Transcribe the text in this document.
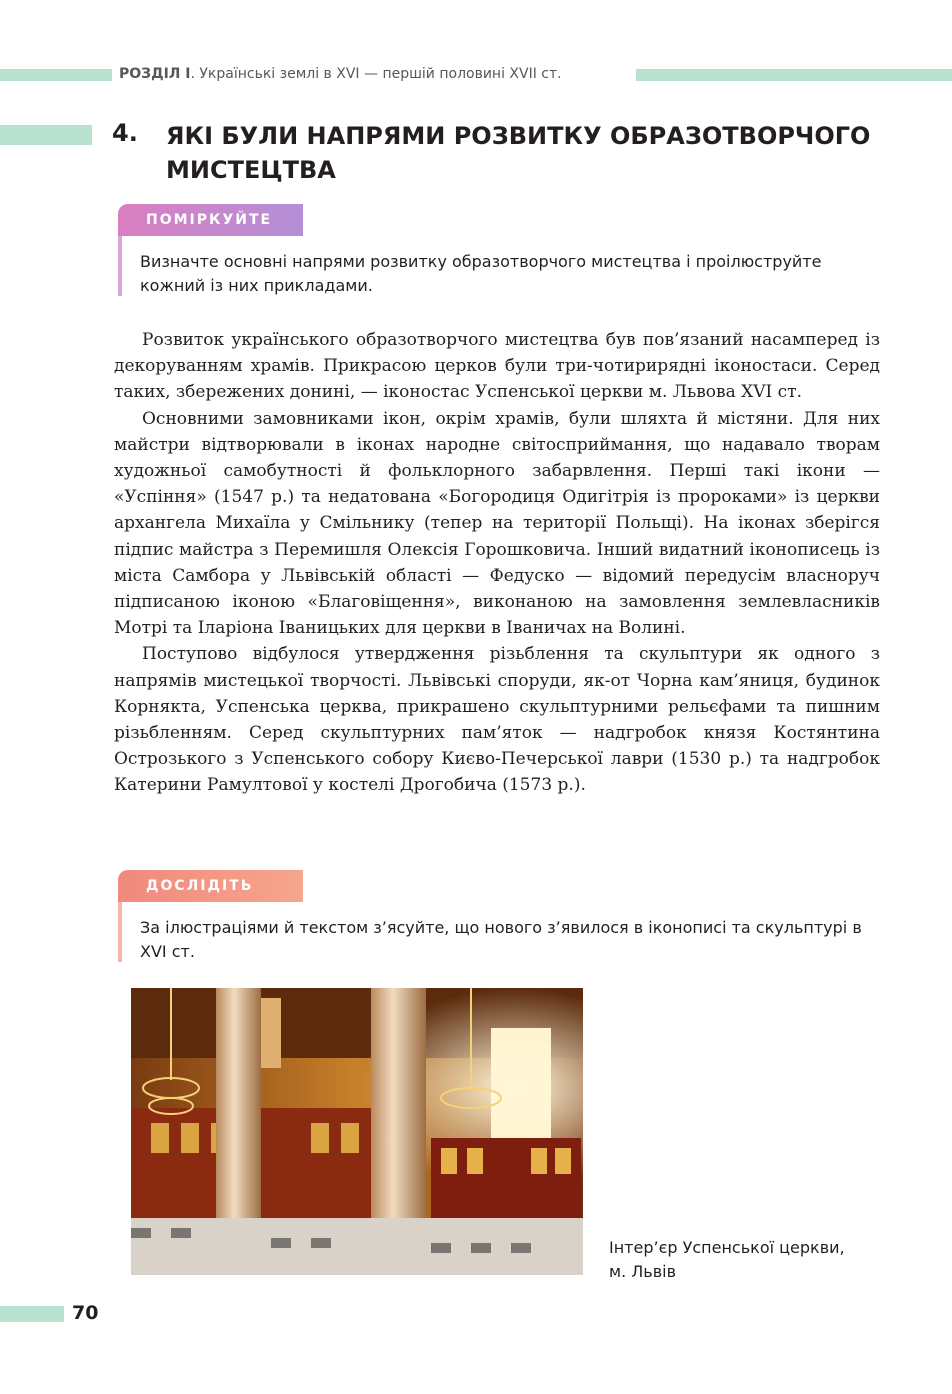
РОЗДІЛ І. Українські землі в XVI — першій половині XVII ст.
4. ЯКІ БУЛИ НАПРЯМИ РОЗВИТКУ ОБРАЗОТВОРЧОГО МИСТЕЦТВА
ПОМІРКУЙТЕ
Визначте основні напрями розвитку образотворчого мистецтва і проілюструйте кожний із них прикладами.

Розвиток українського образотворчого мистецтва був пов’язаний насампеpед із декоруванням храмів. Прикрасою церков були три-чотирирядні іконостаси. Серед таких, збережених донині, — іконостас Успенської церкви м. Львова XVI ст.

Основними замовниками ікон, окрім храмів, були шляхта й містяни. Для них майстри відтворювали в іконах народне світосприймання, що надавало творам художньої самобутності й фольклорного забарвлення. Перші такі ікони — «Успіння» (1547 р.) та недатована «Богородиця Одигітрія із пророками» із церкви архангела Михаїла у Смільнику (тепер на території Польщі). На іконах зберігся підпис майстра з Перемишля Олексія Горошковича. Інший видатний іконописець із міста Самбора у Львівській області — Федуско — відомий передусім власноруч підписаною іконою «Благовіщення», виконаною на замовлення землевласників Мотрі та Іларіона Іваницьких для церкви в Іваничах на Волині.

Поступово відбулося утвердження різьблення та скульптури як одного з напрямів мистецької творчості. Львівські споруди, як-от Чорна кам’яниця, будинок Корнякта, Успенська церква, прикрашено скульптурними рельєфами та пишним різьбленням. Серед скульптурних пам’яток — надгробок князя Костянтина Острозького з Успенського собору Києво-Печерської лаври (1530 р.) та надгробок Катерини Рамултової у костелі Дрогобича (1573 р.).

ДОСЛІДІТЬ
За ілюстраціями й текстом з’ясуйте, що нового з’явилося в іконописі та скульптурі в XVI ст.
Інтер’єр Успенської церкви,
м. Львів
70
